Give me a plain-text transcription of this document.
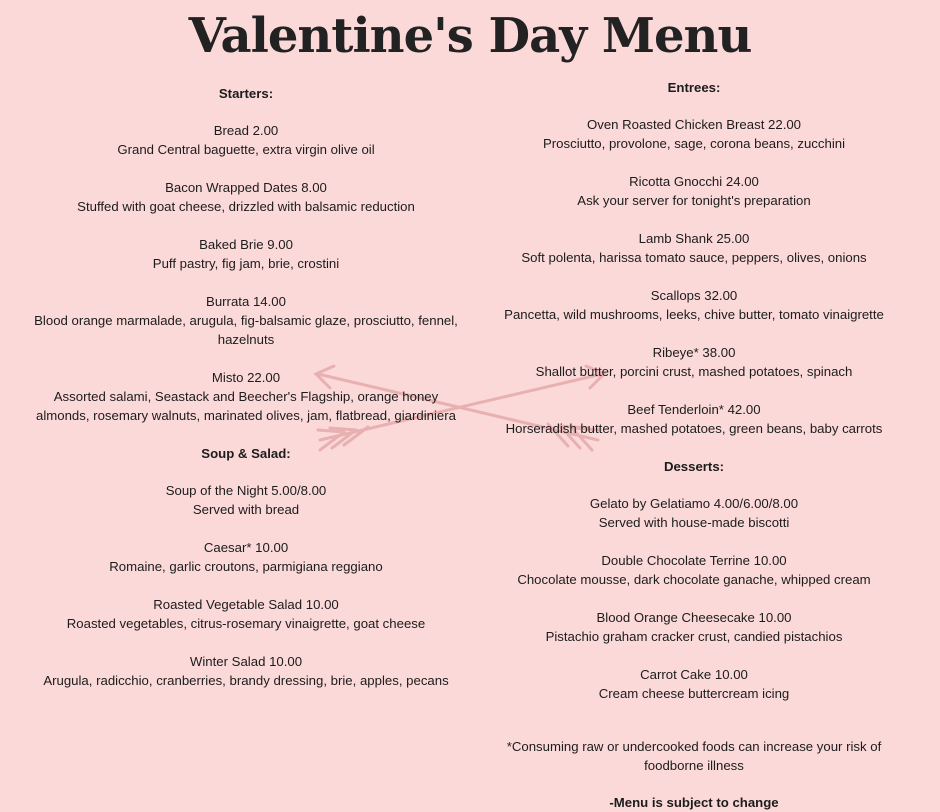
Valentine's Day Menu
Starters:
Bread 2.00
Grand Central baguette, extra virgin olive oil
Bacon Wrapped Dates 8.00
Stuffed with goat cheese, drizzled with balsamic reduction
Baked Brie 9.00
Puff pastry, fig jam, brie, crostini
Burrata 14.00
Blood orange marmalade, arugula, fig-balsamic glaze, prosciutto, fennel, hazelnuts
Misto 22.00
Assorted salami, Seastack and Beecher's Flagship, orange honey almonds, rosemary walnuts, marinated olives, jam, flatbread, giardiniera
Soup & Salad:
Soup of the Night 5.00/8.00
Served with bread
Caesar* 10.00
Romaine, garlic croutons, parmigiana reggiano
Roasted Vegetable Salad 10.00
Roasted vegetables, citrus-rosemary vinaigrette, goat cheese
Winter Salad 10.00
Arugula, radicchio, cranberries, brandy dressing, brie, apples, pecans
Entrees:
Oven Roasted Chicken Breast 22.00
Prosciutto, provolone, sage, corona beans, zucchini
Ricotta Gnocchi 24.00
Ask your server for tonight's preparation
Lamb Shank 25.00
Soft polenta, harissa tomato sauce, peppers, olives, onions
Scallops 32.00
Pancetta, wild mushrooms, leeks, chive butter, tomato vinaigrette
Ribeye* 38.00
Shallot butter, porcini crust, mashed potatoes, spinach
Beef Tenderloin* 42.00
Horseradish butter, mashed potatoes, green beans, baby carrots
Desserts:
Gelato by Gelatiamo 4.00/6.00/8.00
Served with house-made biscotti
Double Chocolate Terrine 10.00
Chocolate mousse, dark chocolate ganache, whipped cream
Blood Orange Cheesecake 10.00
Pistachio graham cracker crust, candied pistachios
Carrot Cake 10.00
Cream cheese buttercream icing
*Consuming raw or undercooked foods can increase your risk of foodborne illness
-Menu is subject to change
